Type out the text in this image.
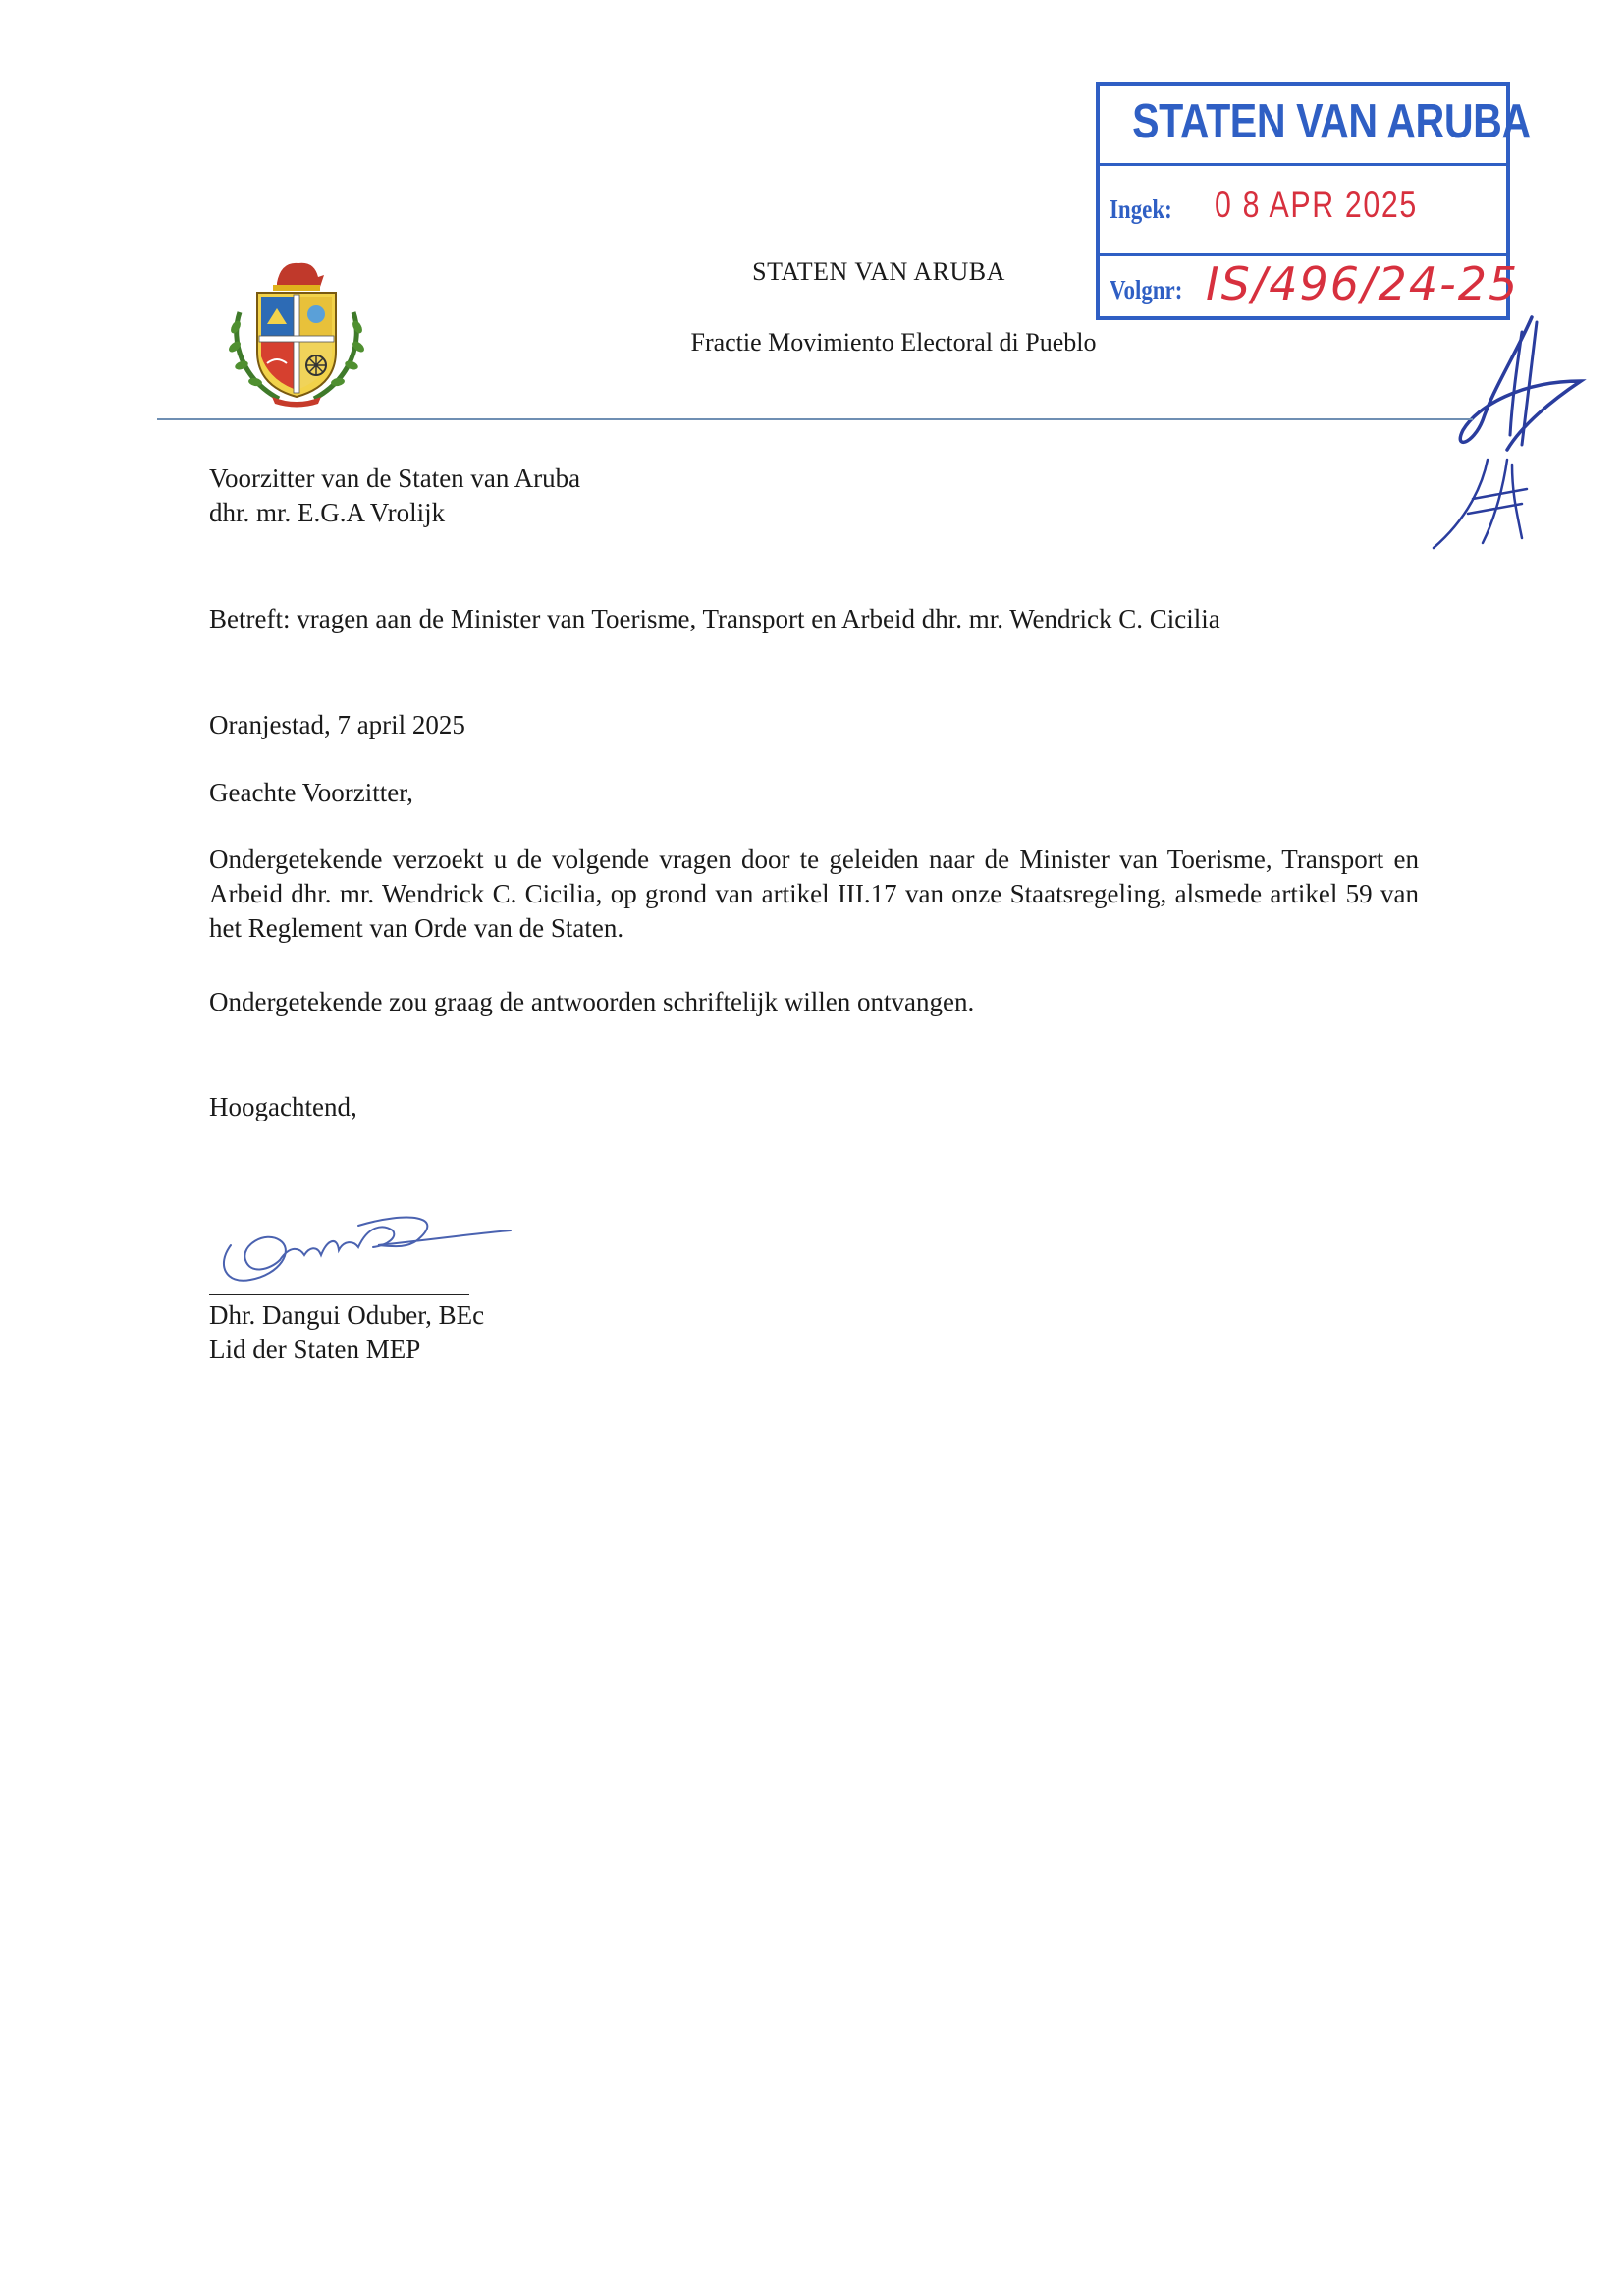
STATEN VAN ARUBA
Fractie Movimiento Electoral di Pueblo
STATEN VAN ARUBA
Ingek: 0 8 APR 2025
Volgnr: IS/496/24-25
Voorzitter van de Staten van Aruba
dhr. mr. E.G.A Vrolijk
Betreft: vragen aan de Minister van Toerisme, Transport en Arbeid dhr. mr. Wendrick C. Cicilia
Oranjestad, 7 april 2025
Geachte Voorzitter,
Ondergetekende verzoekt u de volgende vragen door te geleiden naar de Minister van Toerisme, Transport en Arbeid dhr. mr. Wendrick C. Cicilia, op grond van artikel III.17 van onze Staatsregeling, alsmede artikel 59 van het Reglement van Orde van de Staten.
Ondergetekende zou graag de antwoorden schriftelijk willen ontvangen.
Hoogachtend,
Dhr. Dangui Oduber, BEc
Lid der Staten MEP
